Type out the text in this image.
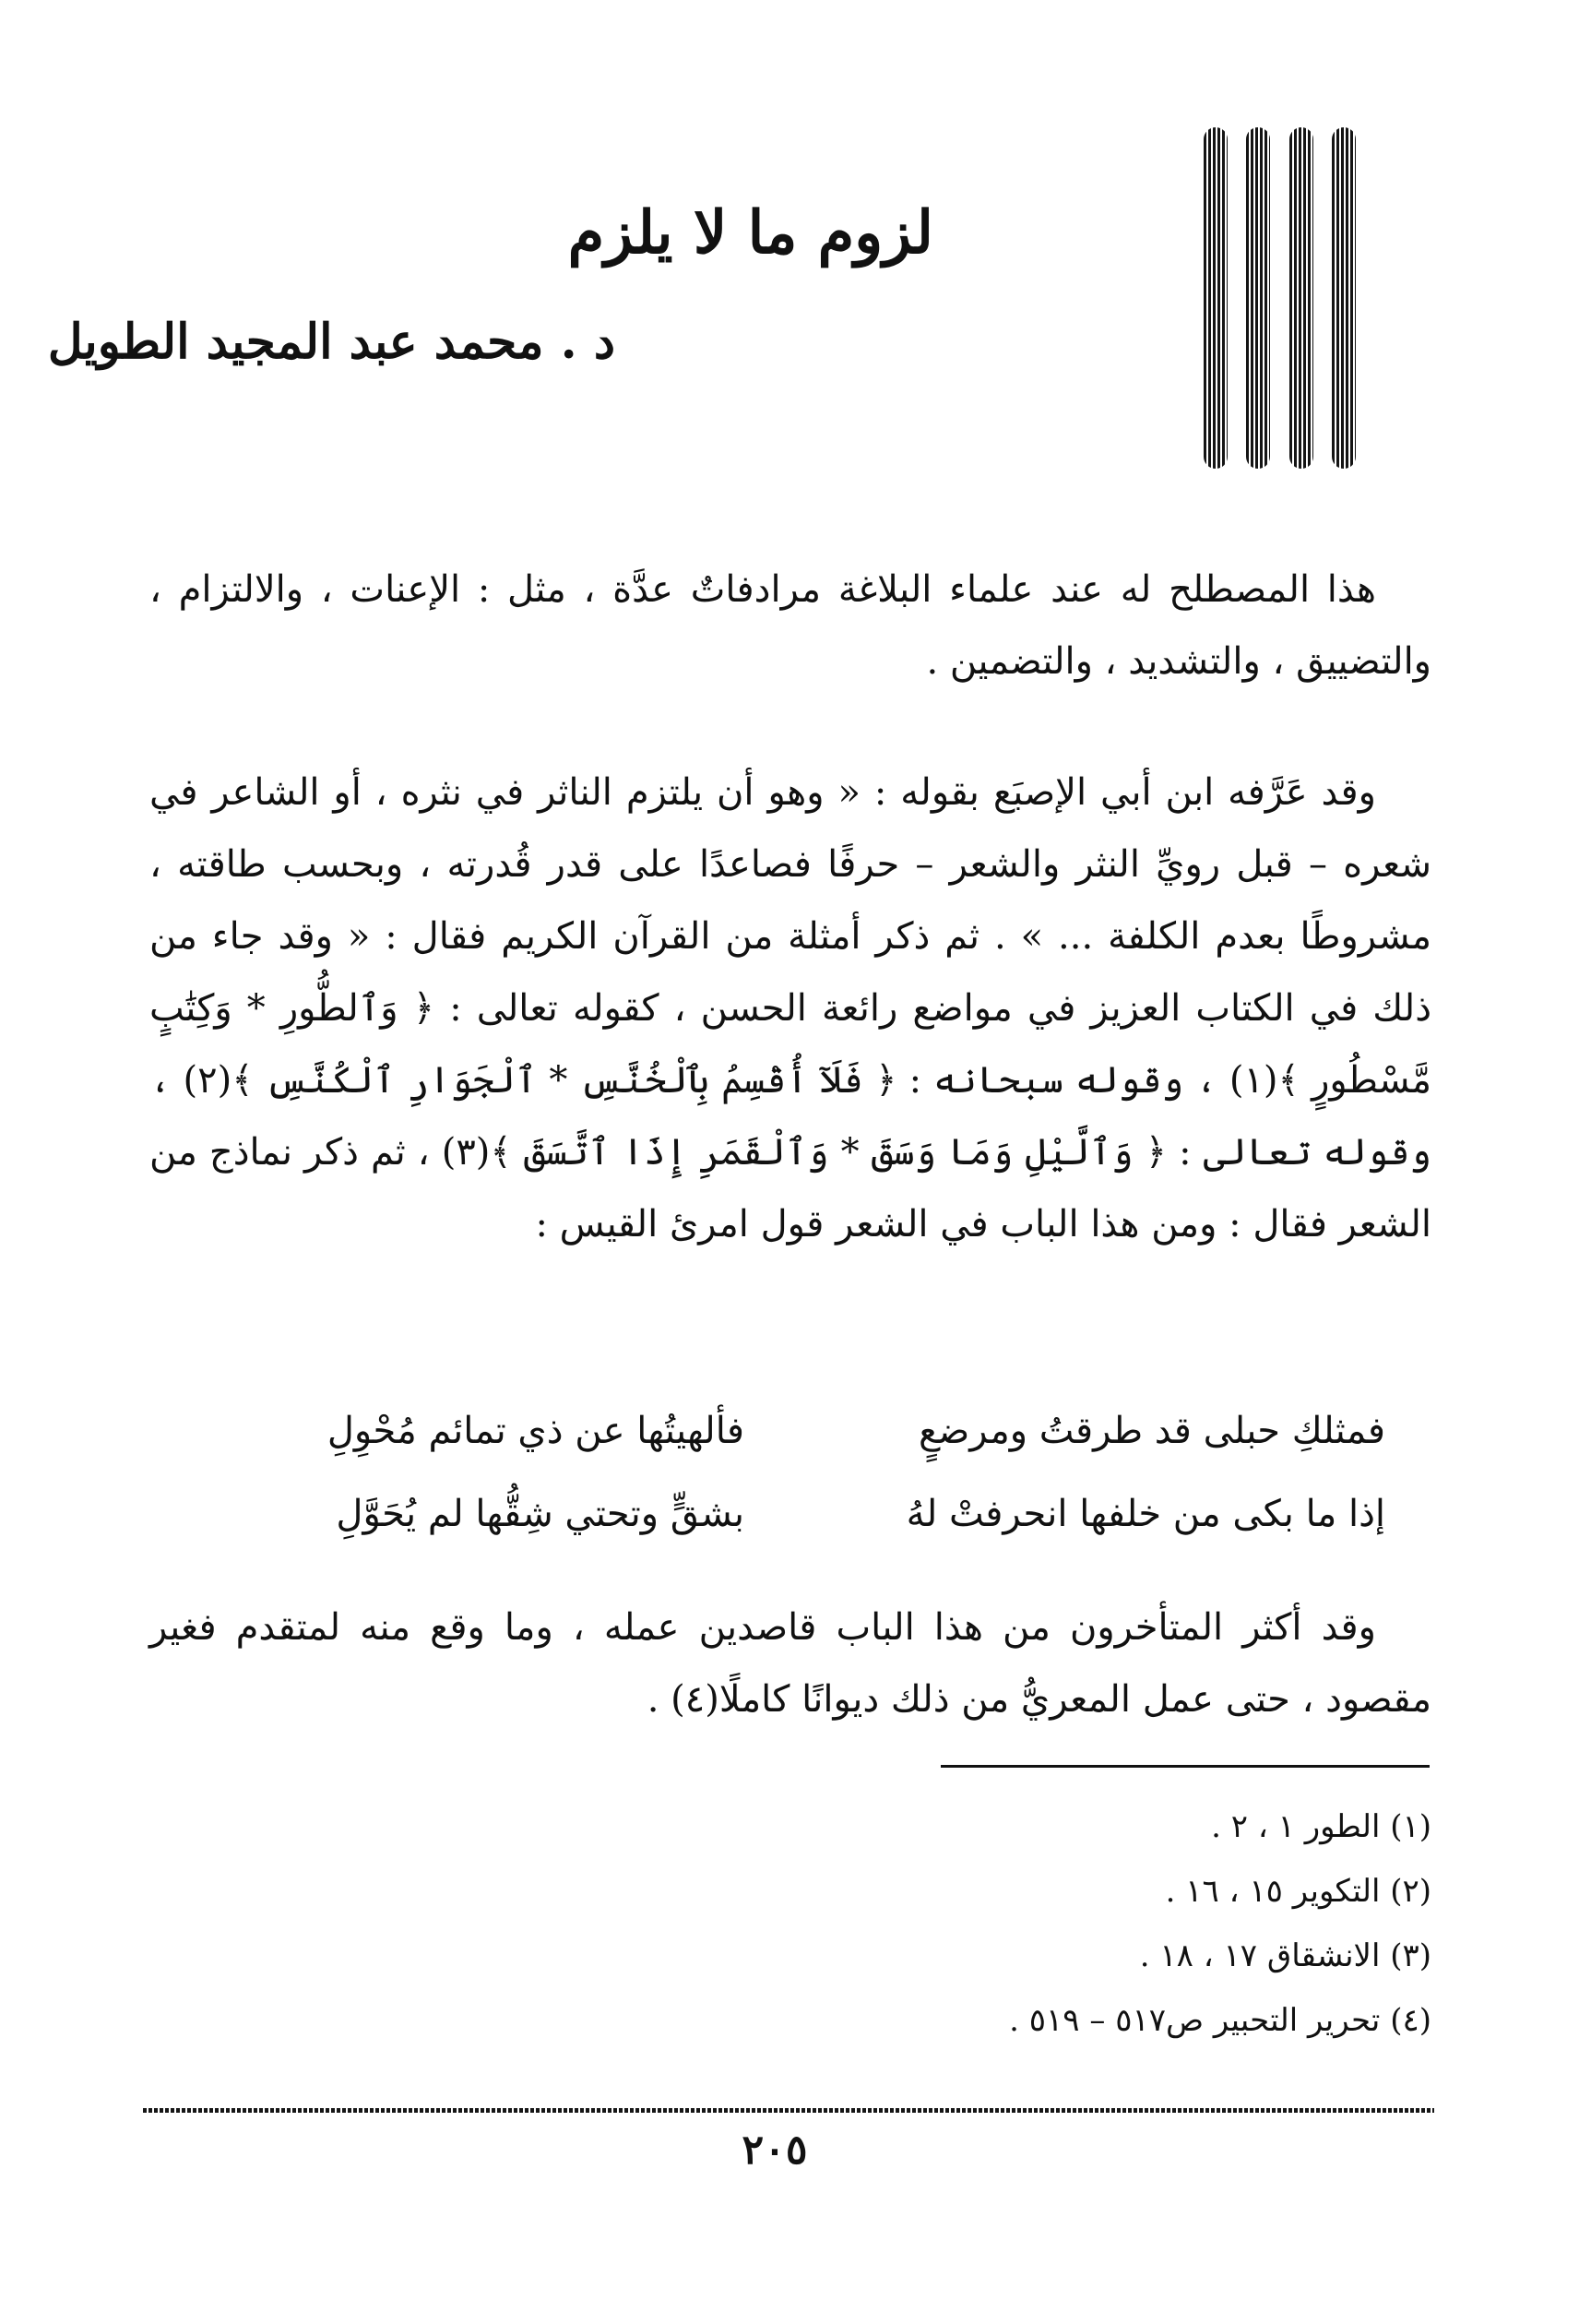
لزوم ما لا يلزم
د . محمد عبد المجيد الطويل

هذا المصطلح له عند علماء البلاغة مرادفاتٌ عدَّة ، مثل : الإعنات ، والالتزام ، والتضييق ، والتشديد ، والتضمين .

وقد عَرَّفه ابن أبي الإصبَع بقوله : « وهو أن يلتزم الناثر في نثره ، أو الشاعر في شعره – قبل رويِّ النثر والشعر – حرفًا فصاعدًا على قدر قُدرته ، وبحسب طاقته ، مشروطًا بعدم الكلفة ... » . ثم ذكر أمثلة من القرآن الكريم فقال : « وقد جاء من ذلك في الكتاب العزيز في مواضع رائعة الحسن ، كقوله تعالى : ﴿ وَٱلطُّورِ * وَكِتَٰبٍ مَّسْطُورٍ ﴾(١) ، وقوله سبحانه : ﴿ فَلَآ أُقْسِمُ بِٱلْخُنَّسِ * ٱلْجَوَارِ ٱلْكُنَّسِ ﴾(٢) ، وقوله تعالى : ﴿ وَٱلَّيْلِ وَمَا وَسَقَ * وَٱلْقَمَرِ إِذَا ٱتَّسَقَ ﴾(٣) ، ثم ذكر نماذج من الشعر فقال : ومن هذا الباب في الشعر قول امرئ القيس :

فمثلكِ حبلى قد طرقتُ ومرضعٍ
فألهيتُها عن ذي تمائم مُحْوِلِ
إذا ما بكى من خلفها انحرفتْ لهُ
بشقٍّ وتحتي شِقُّها لم يُحَوَّلِ

وقد أكثر المتأخرون من هذا الباب قاصدين عمله ، وما وقع منه لمتقدم فغير مقصود ، حتى عمل المعريُّ من ذلك ديوانًا كاملًا(٤) .

(١) الطور ١ ، ٢ .
(٢) التكوير ١٥ ، ١٦ .
(٣) الانشقاق ١٧ ، ١٨ .
(٤) تحرير التحبير ص٥١٧ – ٥١٩ .
٢٠٥
